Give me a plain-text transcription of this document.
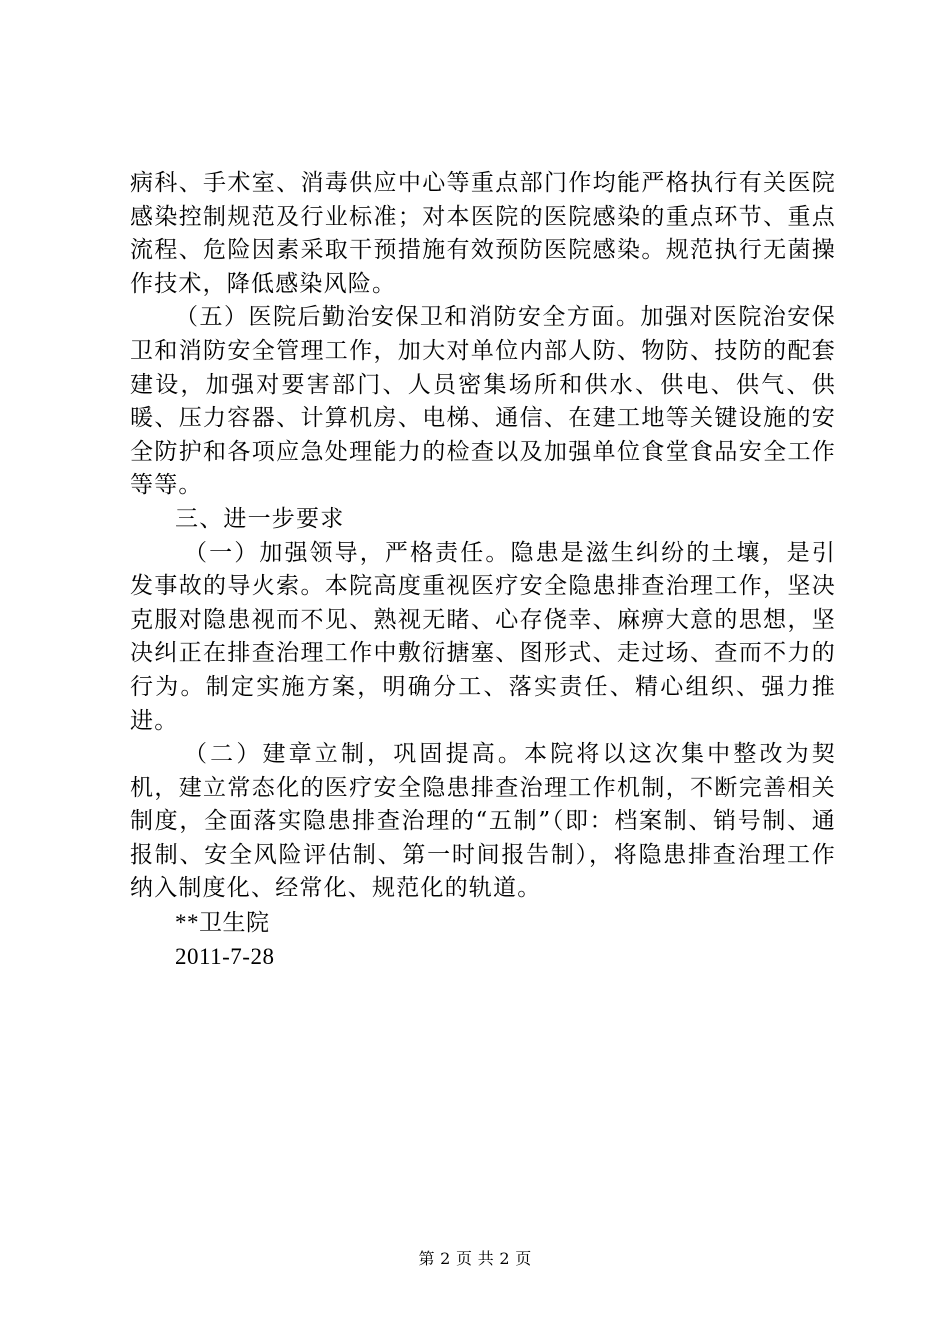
病科、手术室、消毒供应中心等重点部门作均能严格执行有关医院感染控制规范及行业标准；对本医院的医院感染的重点环节、重点流程、危险因素采取干预措施有效预防医院感染。规范执行无菌操作技术，降低感染风险。

（五）医院后勤治安保卫和消防安全方面。加强对医院治安保卫和消防安全管理工作，加大对单位内部人防、物防、技防的配套建设，加强对要害部门、人员密集场所和供水、供电、供气、供暖、压力容器、计算机房、电梯、通信、在建工地等关键设施的安全防护和各项应急处理能力的检查以及加强单位食堂食品安全工作等等。

三、进一步要求

（一）加强领导，严格责任。隐患是滋生纠纷的土壤，是引发事故的导火索。本院高度重视医疗安全隐患排查治理工作，坚决克服对隐患视而不见、熟视无睹、心存侥幸、麻痹大意的思想，坚决纠正在排查治理工作中敷衍搪塞、图形式、走过场、查而不力的行为。制定实施方案，明确分工、落实责任、精心组织、强力推进。

（二）建章立制，巩固提高。本院将以这次集中整改为契机，建立常态化的医疗安全隐患排查治理工作机制，不断完善相关制度，全面落实隐患排查治理的“五制”（即：档案制、销号制、通报制、安全风险评估制、第一时间报告制），将隐患排查治理工作纳入制度化、经常化、规范化的轨道。

**卫生院

2011-7-28

第 2 页 共 2 页
